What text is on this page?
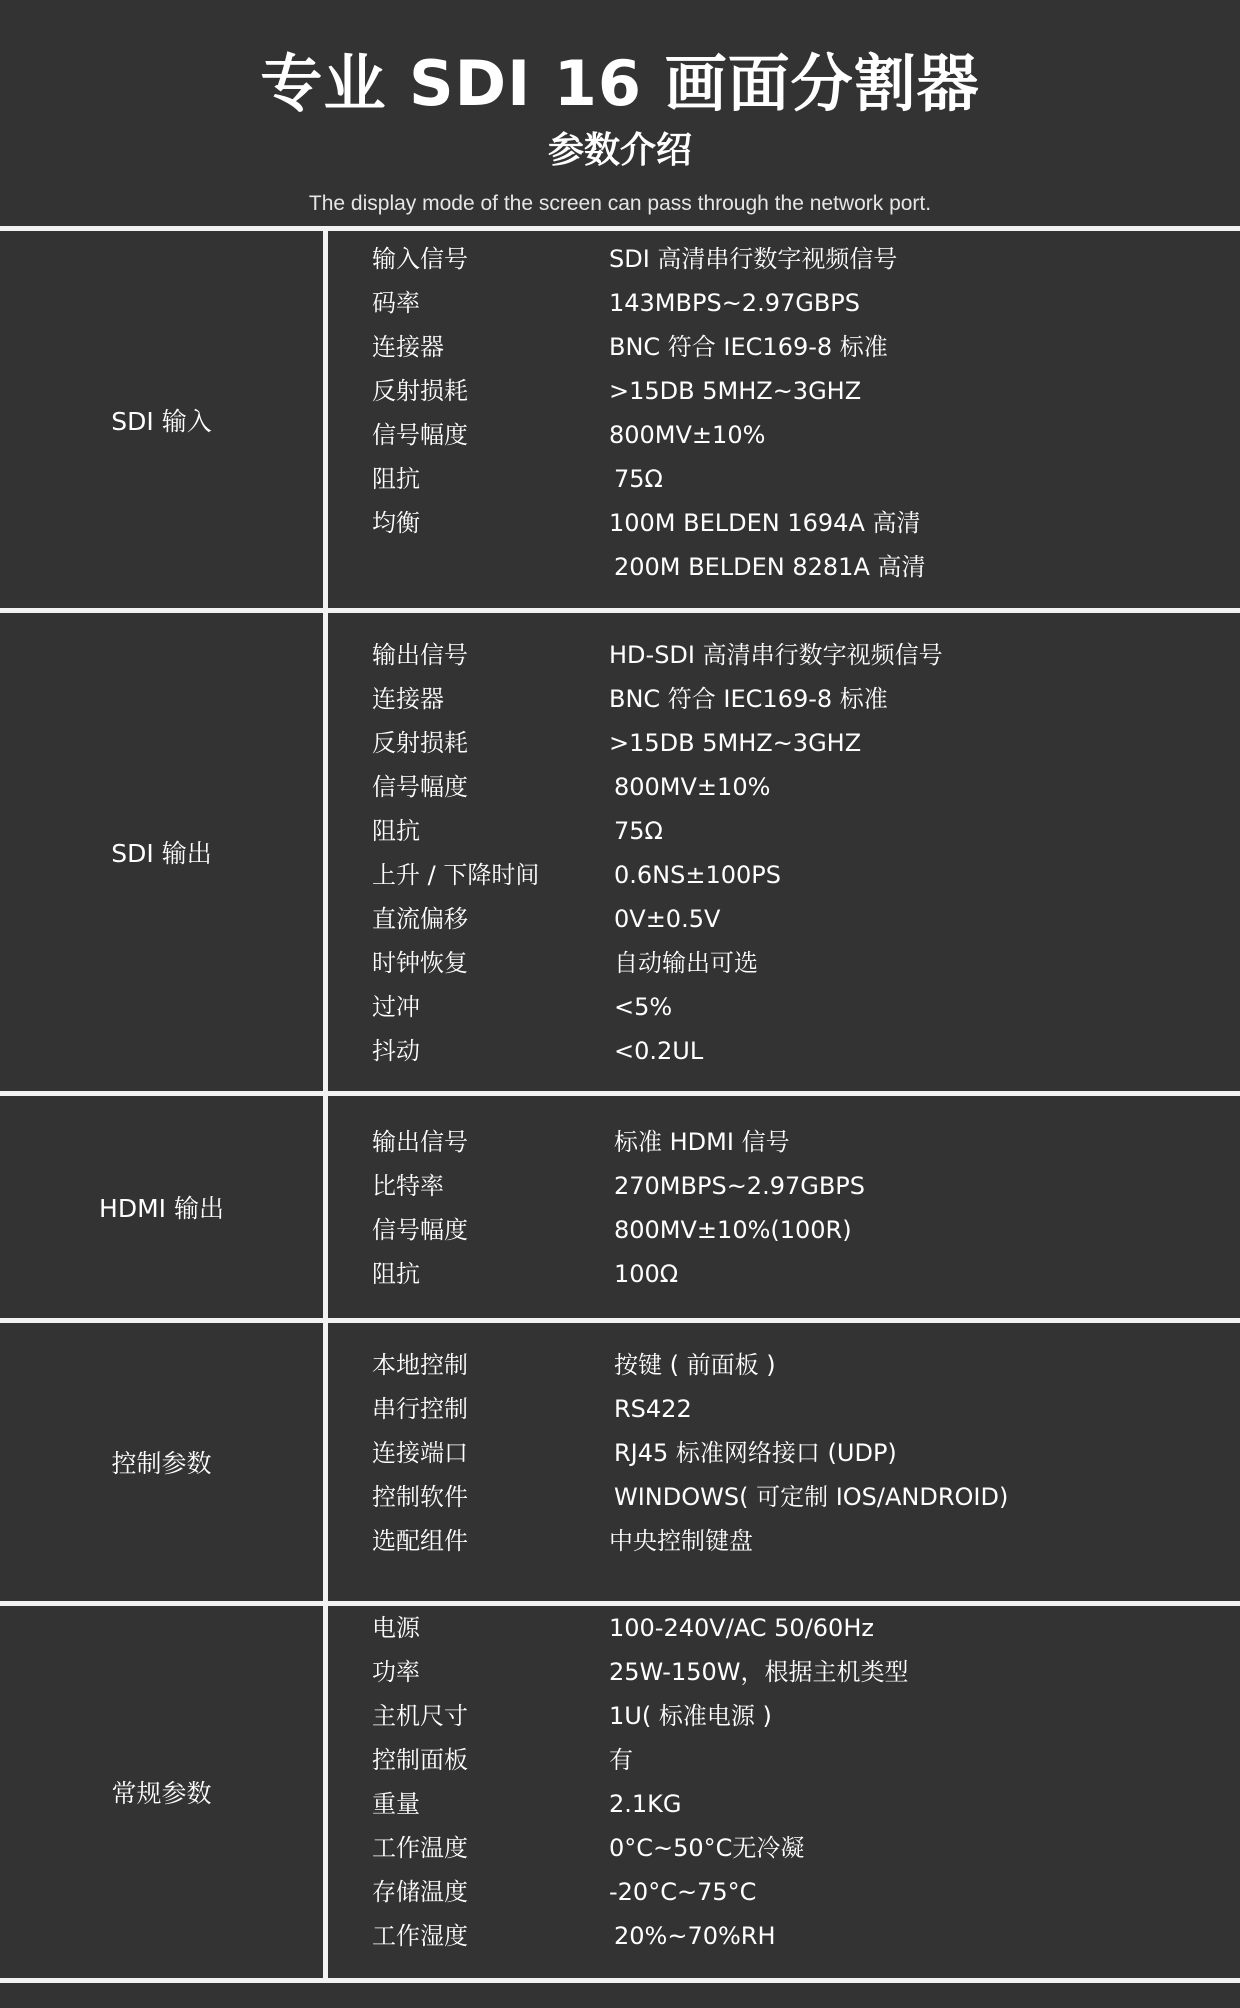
专业 SDI 16 画面分割器
参数介绍
The display mode of the screen can pass through the network port.
SDI 输入
输入信号	SDI 高清串行数字视频信号
码率	143MBPS~2.97GBPS
连接器	BNC 符合 IEC169-8 标准
反射损耗	>15DB 5MHZ~3GHZ
信号幅度	800MV±10%
阻抗	75Ω
均衡	100M BELDEN 1694A 高清
200M BELDEN 8281A 高清
SDI 输出
输出信号	HD-SDI 高清串行数字视频信号
连接器	BNC 符合 IEC169-8 标准
反射损耗	>15DB 5MHZ~3GHZ
信号幅度	800MV±10%
阻抗	75Ω
上升 / 下降时间	0.6NS±100PS
直流偏移	0V±0.5V
时钟恢复	自动输出可选
过冲	<5%
抖动	<0.2UL
HDMI 输出
输出信号	标准 HDMI 信号
比特率	270MBPS~2.97GBPS
信号幅度	800MV±10%(100R)
阻抗	100Ω
控制参数
本地控制	按键 ( 前面板 )
串行控制	RS422
连接端口	RJ45 标准网络接口 (UDP)
控制软件	WINDOWS( 可定制 IOS/ANDROID)
选配组件	中央控制键盘
常规参数
电源	100-240V/AC 50/60Hz
功率	25W-150W，根据主机类型
主机尺寸	1U( 标准电源 )
控制面板	有
重量	2.1KG
工作温度	0°C~50°C无冷凝
存储温度	-20°C~75°C
工作湿度	20%~70%RH
